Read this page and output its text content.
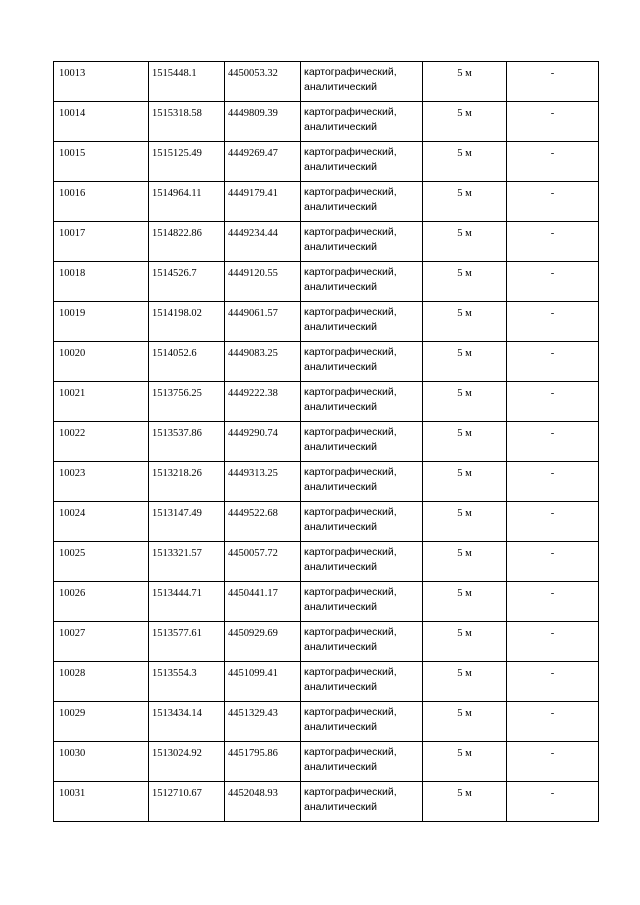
10013	1515448.1	4450053.32	картографический,
аналитический	5 м	-
10014	1515318.58	4449809.39	картографический,
аналитический	5 м	-
10015	1515125.49	4449269.47	картографический,
аналитический	5 м	-
10016	1514964.11	4449179.41	картографический,
аналитический	5 м	-
10017	1514822.86	4449234.44	картографический,
аналитический	5 м	-
10018	1514526.7	4449120.55	картографический,
аналитический	5 м	-
10019	1514198.02	4449061.57	картографический,
аналитический	5 м	-
10020	1514052.6	4449083.25	картографический,
аналитический	5 м	-
10021	1513756.25	4449222.38	картографический,
аналитический	5 м	-
10022	1513537.86	4449290.74	картографический,
аналитический	5 м	-
10023	1513218.26	4449313.25	картографический,
аналитический	5 м	-
10024	1513147.49	4449522.68	картографический,
аналитический	5 м	-
10025	1513321.57	4450057.72	картографический,
аналитический	5 м	-
10026	1513444.71	4450441.17	картографический,
аналитический	5 м	-
10027	1513577.61	4450929.69	картографический,
аналитический	5 м	-
10028	1513554.3	4451099.41	картографический,
аналитический	5 м	-
10029	1513434.14	4451329.43	картографический,
аналитический	5 м	-
10030	1513024.92	4451795.86	картографический,
аналитический	5 м	-
10031	1512710.67	4452048.93	картографический,
аналитический	5 м	-
